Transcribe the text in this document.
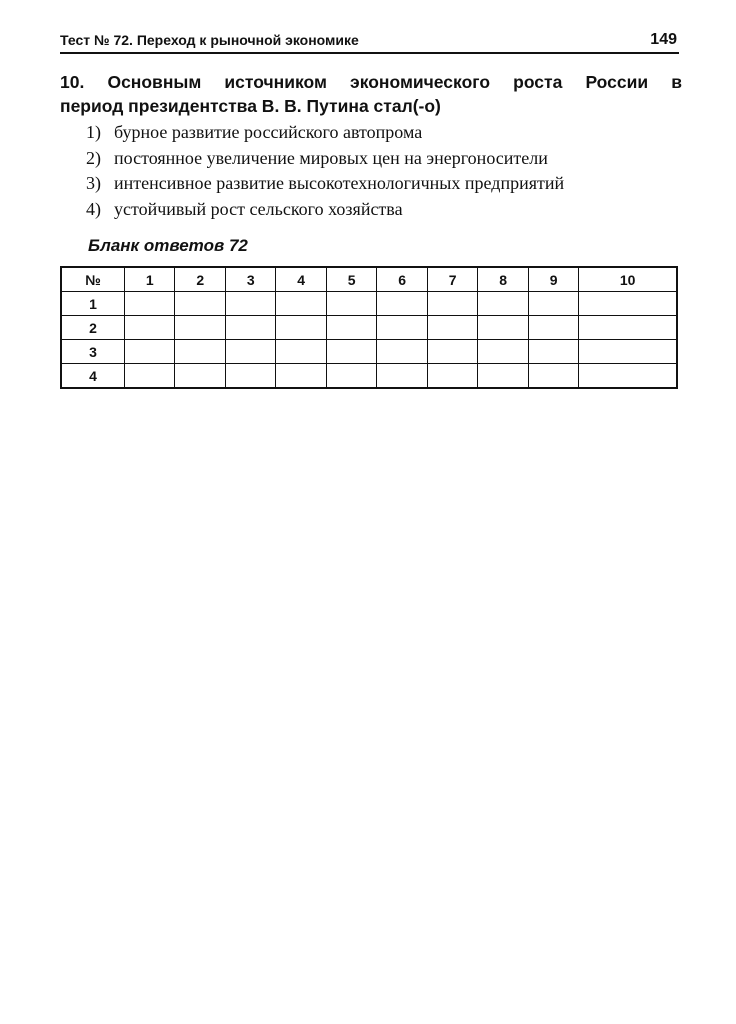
Тест № 72. Переход к рыночной экономике	149
10. Основным источником экономического роста России в
период президентства В. В. Путина стал(-о)
1) бурное развитие российского автопрома
2) постоянное увеличение мировых цен на энергоносители
3) интенсивное развитие высокотехнологичных предприятий
4) устойчивый рост сельского хозяйства
Бланк ответов 72
№	1	2	3	4	5	6	7	8	9	10
1										
2										
3										
4										
